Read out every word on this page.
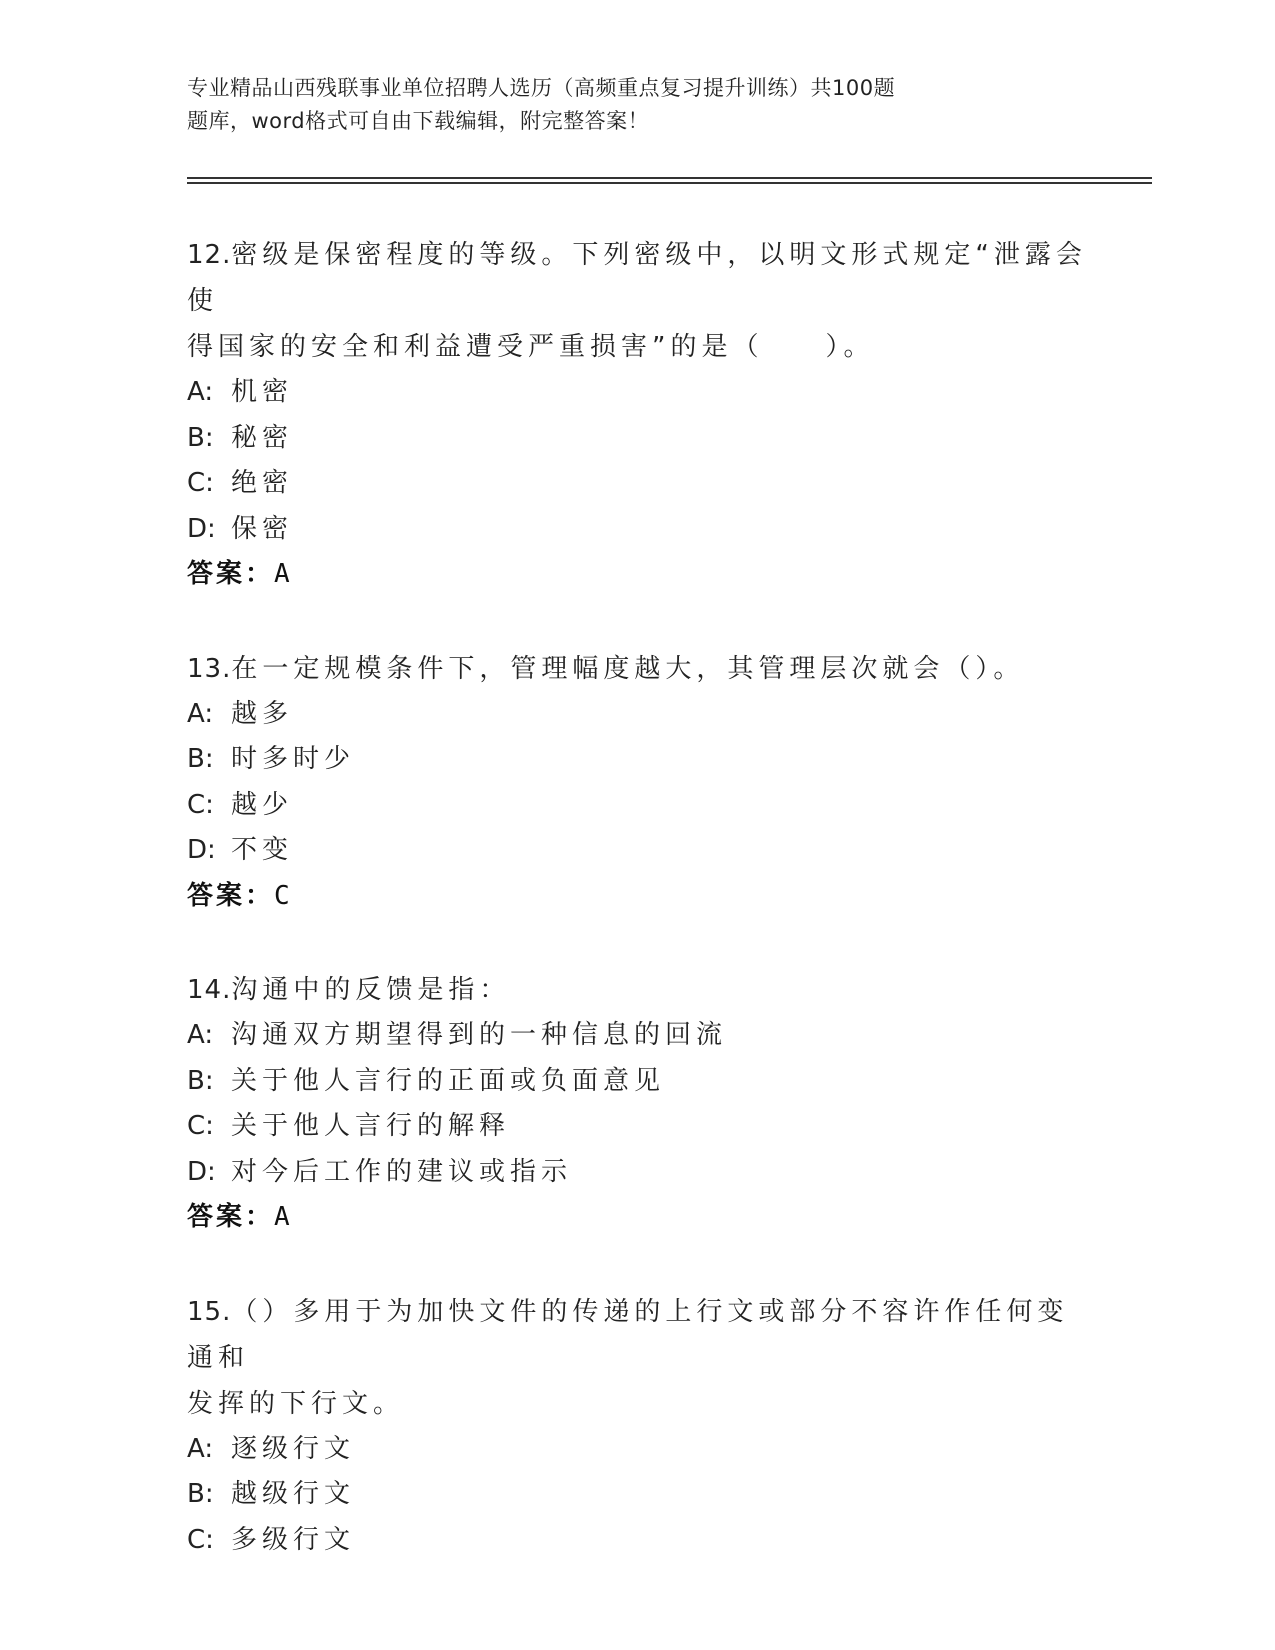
专业精品山西残联事业单位招聘人选历（高频重点复习提升训练）共100题
题库，word格式可自由下载编辑，附完整答案！
12.密级是保密程度的等级。下列密级中，以明文形式规定“泄露会使
得国家的安全和利益遭受严重损害”的是（　　）。
A: 机密
B: 秘密
C: 绝密
D: 保密
答案：A
13.在一定规模条件下，管理幅度越大，其管理层次就会（）。
A: 越多
B: 时多时少
C: 越少
D: 不变
答案：C
14.沟通中的反馈是指：
A: 沟通双方期望得到的一种信息的回流
B: 关于他人言行的正面或负面意见
C: 关于他人言行的解释
D: 对今后工作的建议或指示
答案：A
15.（）多用于为加快文件的传递的上行文或部分不容许作任何变通和
发挥的下行文。
A: 逐级行文
B: 越级行文
C: 多级行文
